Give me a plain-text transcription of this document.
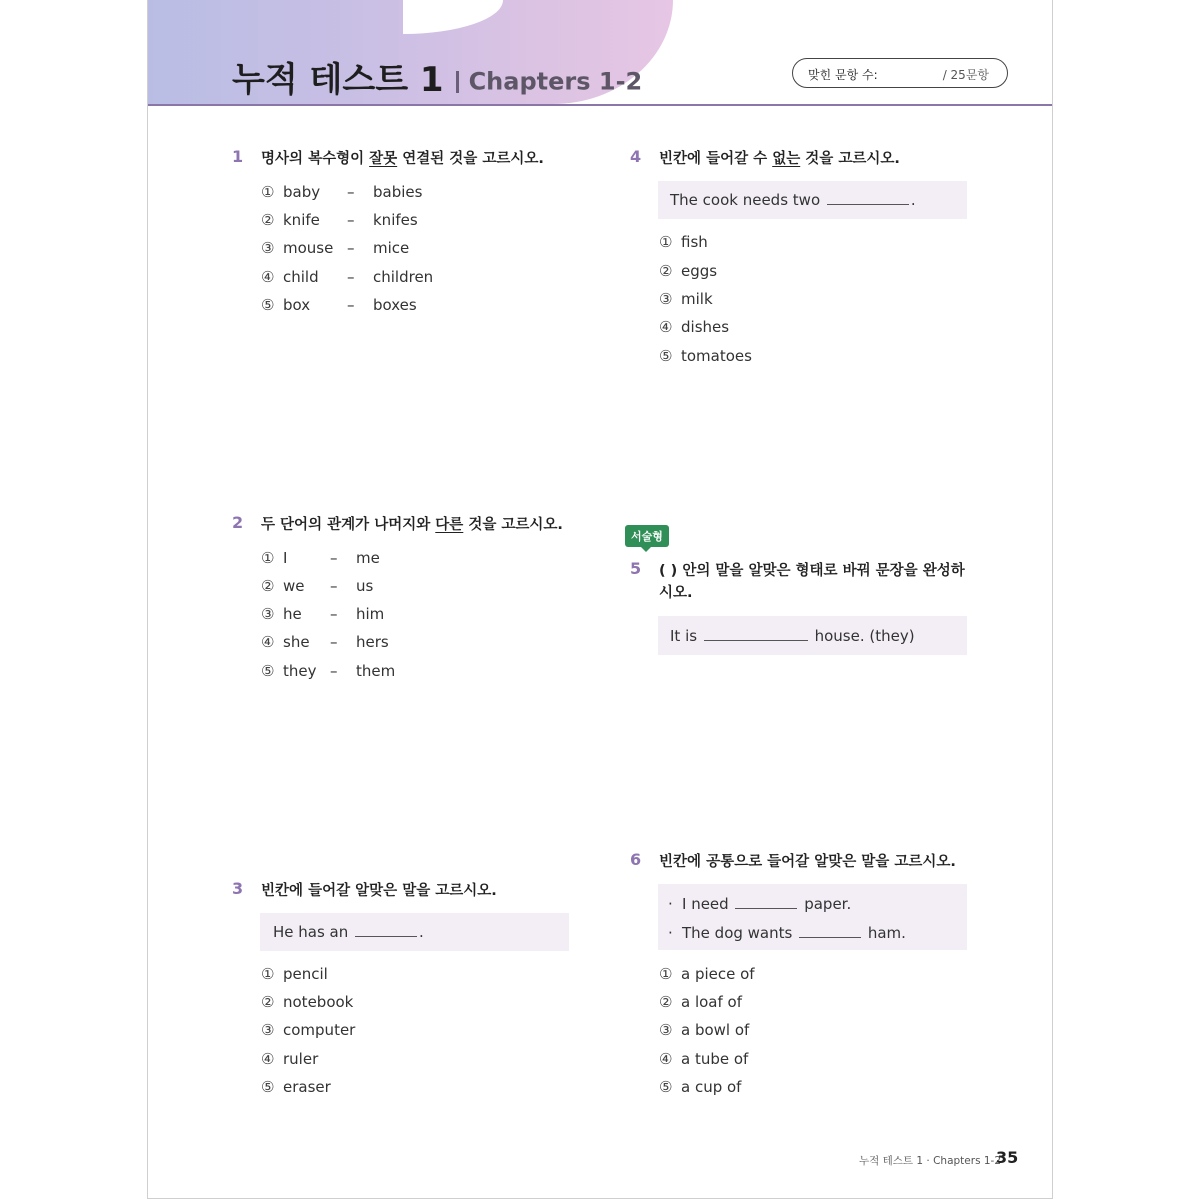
누적 테스트 1 Chapters 1-2	맞힌 문항 수:	/ 25문항
1 명사의 복수형이 잘못 연결된 것을 고르시오.
① baby – babies
② knife – knifes
③ mouse – mice
④ child – children
⑤ box – boxes
2 두 단어의 관계가 나머지와 다른 것을 고르시오.
① I	– me
② we – us
③ he – him
④ she – hers
⑤ they – them
3 빈칸에 들어갈 알맞은 말을 고르시오.
He has an	.
① pencil
② notebook
③ computer
④ ruler
⑤ eraser
4 빈칸에 들어갈 수 없는 것을 고르시오.
The cook needs two	.
① fish
② eggs
③ milk
④ dishes
⑤ tomatoes
서술형
5 ( ) 안의 말을 알맞은 형태로 바꿔 문장을 완성하
시오.
It is	house. (they)
6 빈칸에 공통으로 들어갈 알맞은 말을 고르시오.
· I need	paper.
· The dog wants	ham.
① a piece of
② a loaf of
③ a bowl of
④ a tube of
⑤ a cup of
누적 테스트 1 · Chapters 1-2
35
